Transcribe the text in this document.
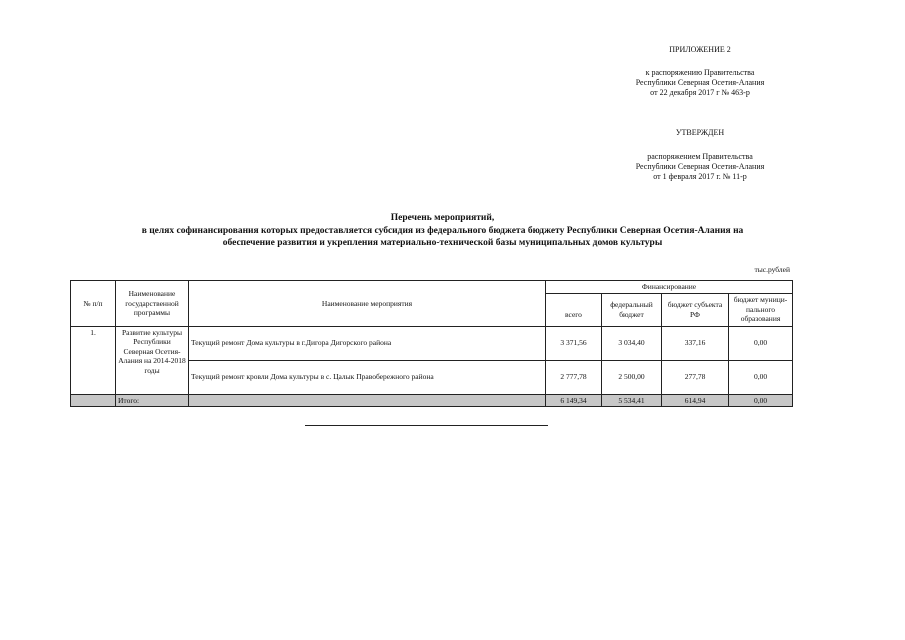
ПРИЛОЖЕНИЕ 2
к распоряжению Правительства
Республики Северная Осетия-Алания
от 22 декабря 2017 г № 463-р
УТВЕРЖДЕН
распоряжением Правительства
Республики Северная Осетия-Алания
от 1 февраля 2017 г. № 11-р
Перечень мероприятий,
в целях софинансирования которых предоставляется субсидия из федерального бюджета бюджету Республики Северная Осетия-Алания на
обеспечение развития и укрепления материально-технической базы муниципальных домов культуры
тыс.рублей
№ п/п	Наименование государственной программы	Наименование мероприятия	Финансирование			
			всего	федеральный бюджет	бюджет субъекта РФ	бюджет муници-пального образования
1.	Развитие культуры Республики Северная Осетия-Алания на 2014-2018 годы	Текущий ремонт Дома культуры в г.Дигора Дигорского района	3 371,56	3 034,40	337,16	0,00
		Текущий ремонт кровли Дома культуры в с. Цалык Правобережного района	2 777,78	2 500,00	277,78	0,00
	Итого:		6 149,34	5 534,41	614,94	0,00
